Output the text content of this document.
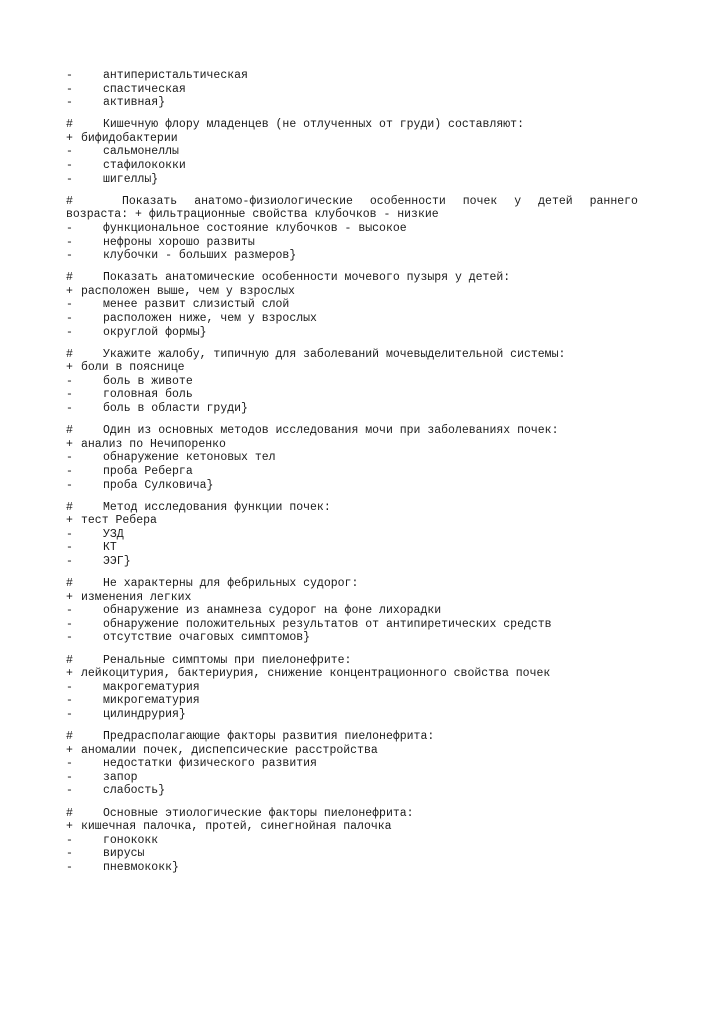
-	антиперистальтическая
-	спастическая
-	активная}
#	Кишечную флору младенцев (не отлученных от груди) составляют:
+ бифидобактерии
-	сальмонеллы
-	стафилококки
-	шигеллы}
#	Показать анатомо-физиологические особенности почек у детей раннего
возраста: + фильтрационные свойства клубочков - низкие
-	функциональное состояние клубочков - высокое
-	нефроны хорошо развиты
-	клубочки - больших размеров}
#	Показать анатомические особенности мочевого пузыря у детей:
+ расположен выше, чем у взрослых
-	менее развит слизистый слой
-	расположен ниже, чем у взрослых
-	округлой формы}
#	Укажите жалобу, типичную для заболеваний мочевыделительной системы:
+ боли в пояснице
-	боль в животе
-	головная боль
-	боль в области груди}
#	Один из основных методов исследования мочи при заболеваниях почек:
+ анализ по Нечипоренко
-	обнаружение кетоновых тел
-	проба Реберга
-	проба Сулковича}
#	Метод исследования функции почек:
+ тест Ребера
-	УЗД
-	КТ
-	ЭЭГ}
#	Не характерны для фебрильных судорог:
+ изменения легких
-	обнаружение из анамнеза судорог на фоне лихорадки
-	обнаружение положительных результатов от антипиретических средств
-	отсутствие очаговых симптомов}
#	Ренальные симптомы при пиелонефрите:
+ лейкоцитурия, бактериурия, снижение концентрационного свойства почек
-	макрогематурия
-	микрогематурия
-	цилиндрурия}
#	Предрасполагающие факторы развития пиелонефрита:
+ аномалии почек, диспепсические расстройства
-	недостатки физического развития
-	запор
-	слабость}
#	Основные этиологические факторы пиелонефрита:
+ кишечная палочка, протей, синегнойная палочка
-	гонококк
-	вирусы
-	пневмококк}
